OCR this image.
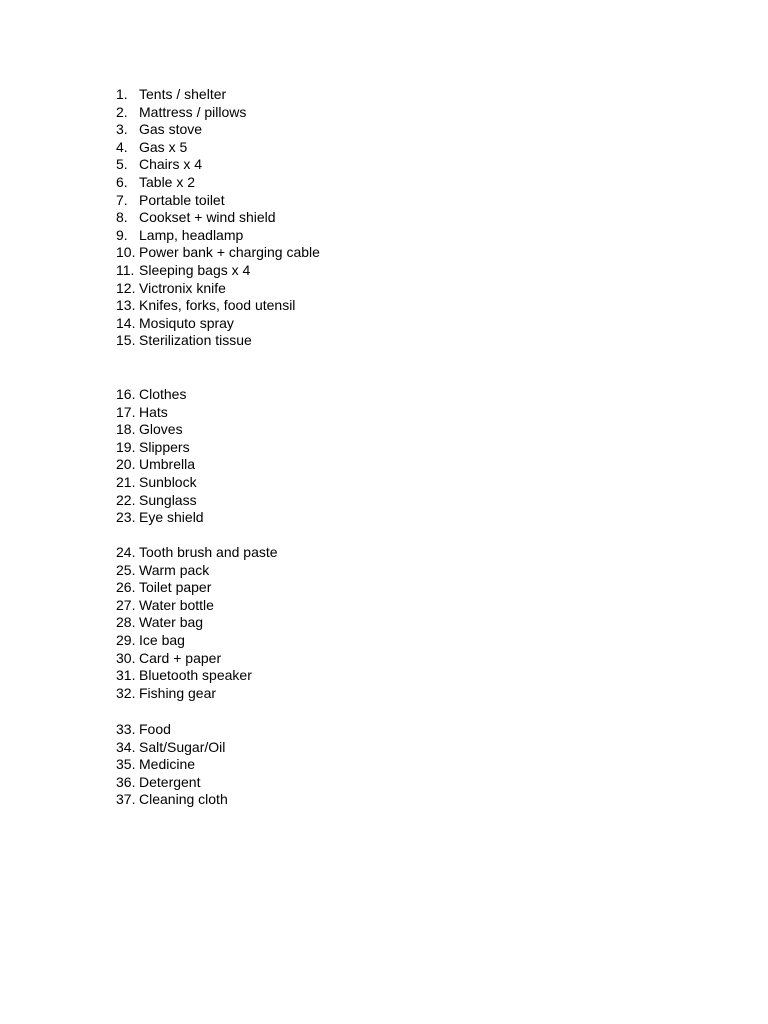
1. Tents / shelter
2. Mattress / pillows
3. Gas stove
4. Gas x 5
5. Chairs x 4
6. Table x 2
7. Portable toilet
8. Cookset + wind shield
9. Lamp, headlamp
10. Power bank + charging cable
11. Sleeping bags x 4
12. Victronix knife
13. Knifes, forks, food utensil
14. Mosiquto spray
15. Sterilization tissue
16. Clothes
17. Hats
18. Gloves
19. Slippers
20. Umbrella
21. Sunblock
22. Sunglass
23. Eye shield
24. Tooth brush and paste
25. Warm pack
26. Toilet paper
27. Water bottle
28. Water bag
29. Ice bag
30. Card + paper
31. Bluetooth speaker
32. Fishing gear
33. Food
34. Salt/Sugar/Oil
35. Medicine
36. Detergent
37. Cleaning cloth
